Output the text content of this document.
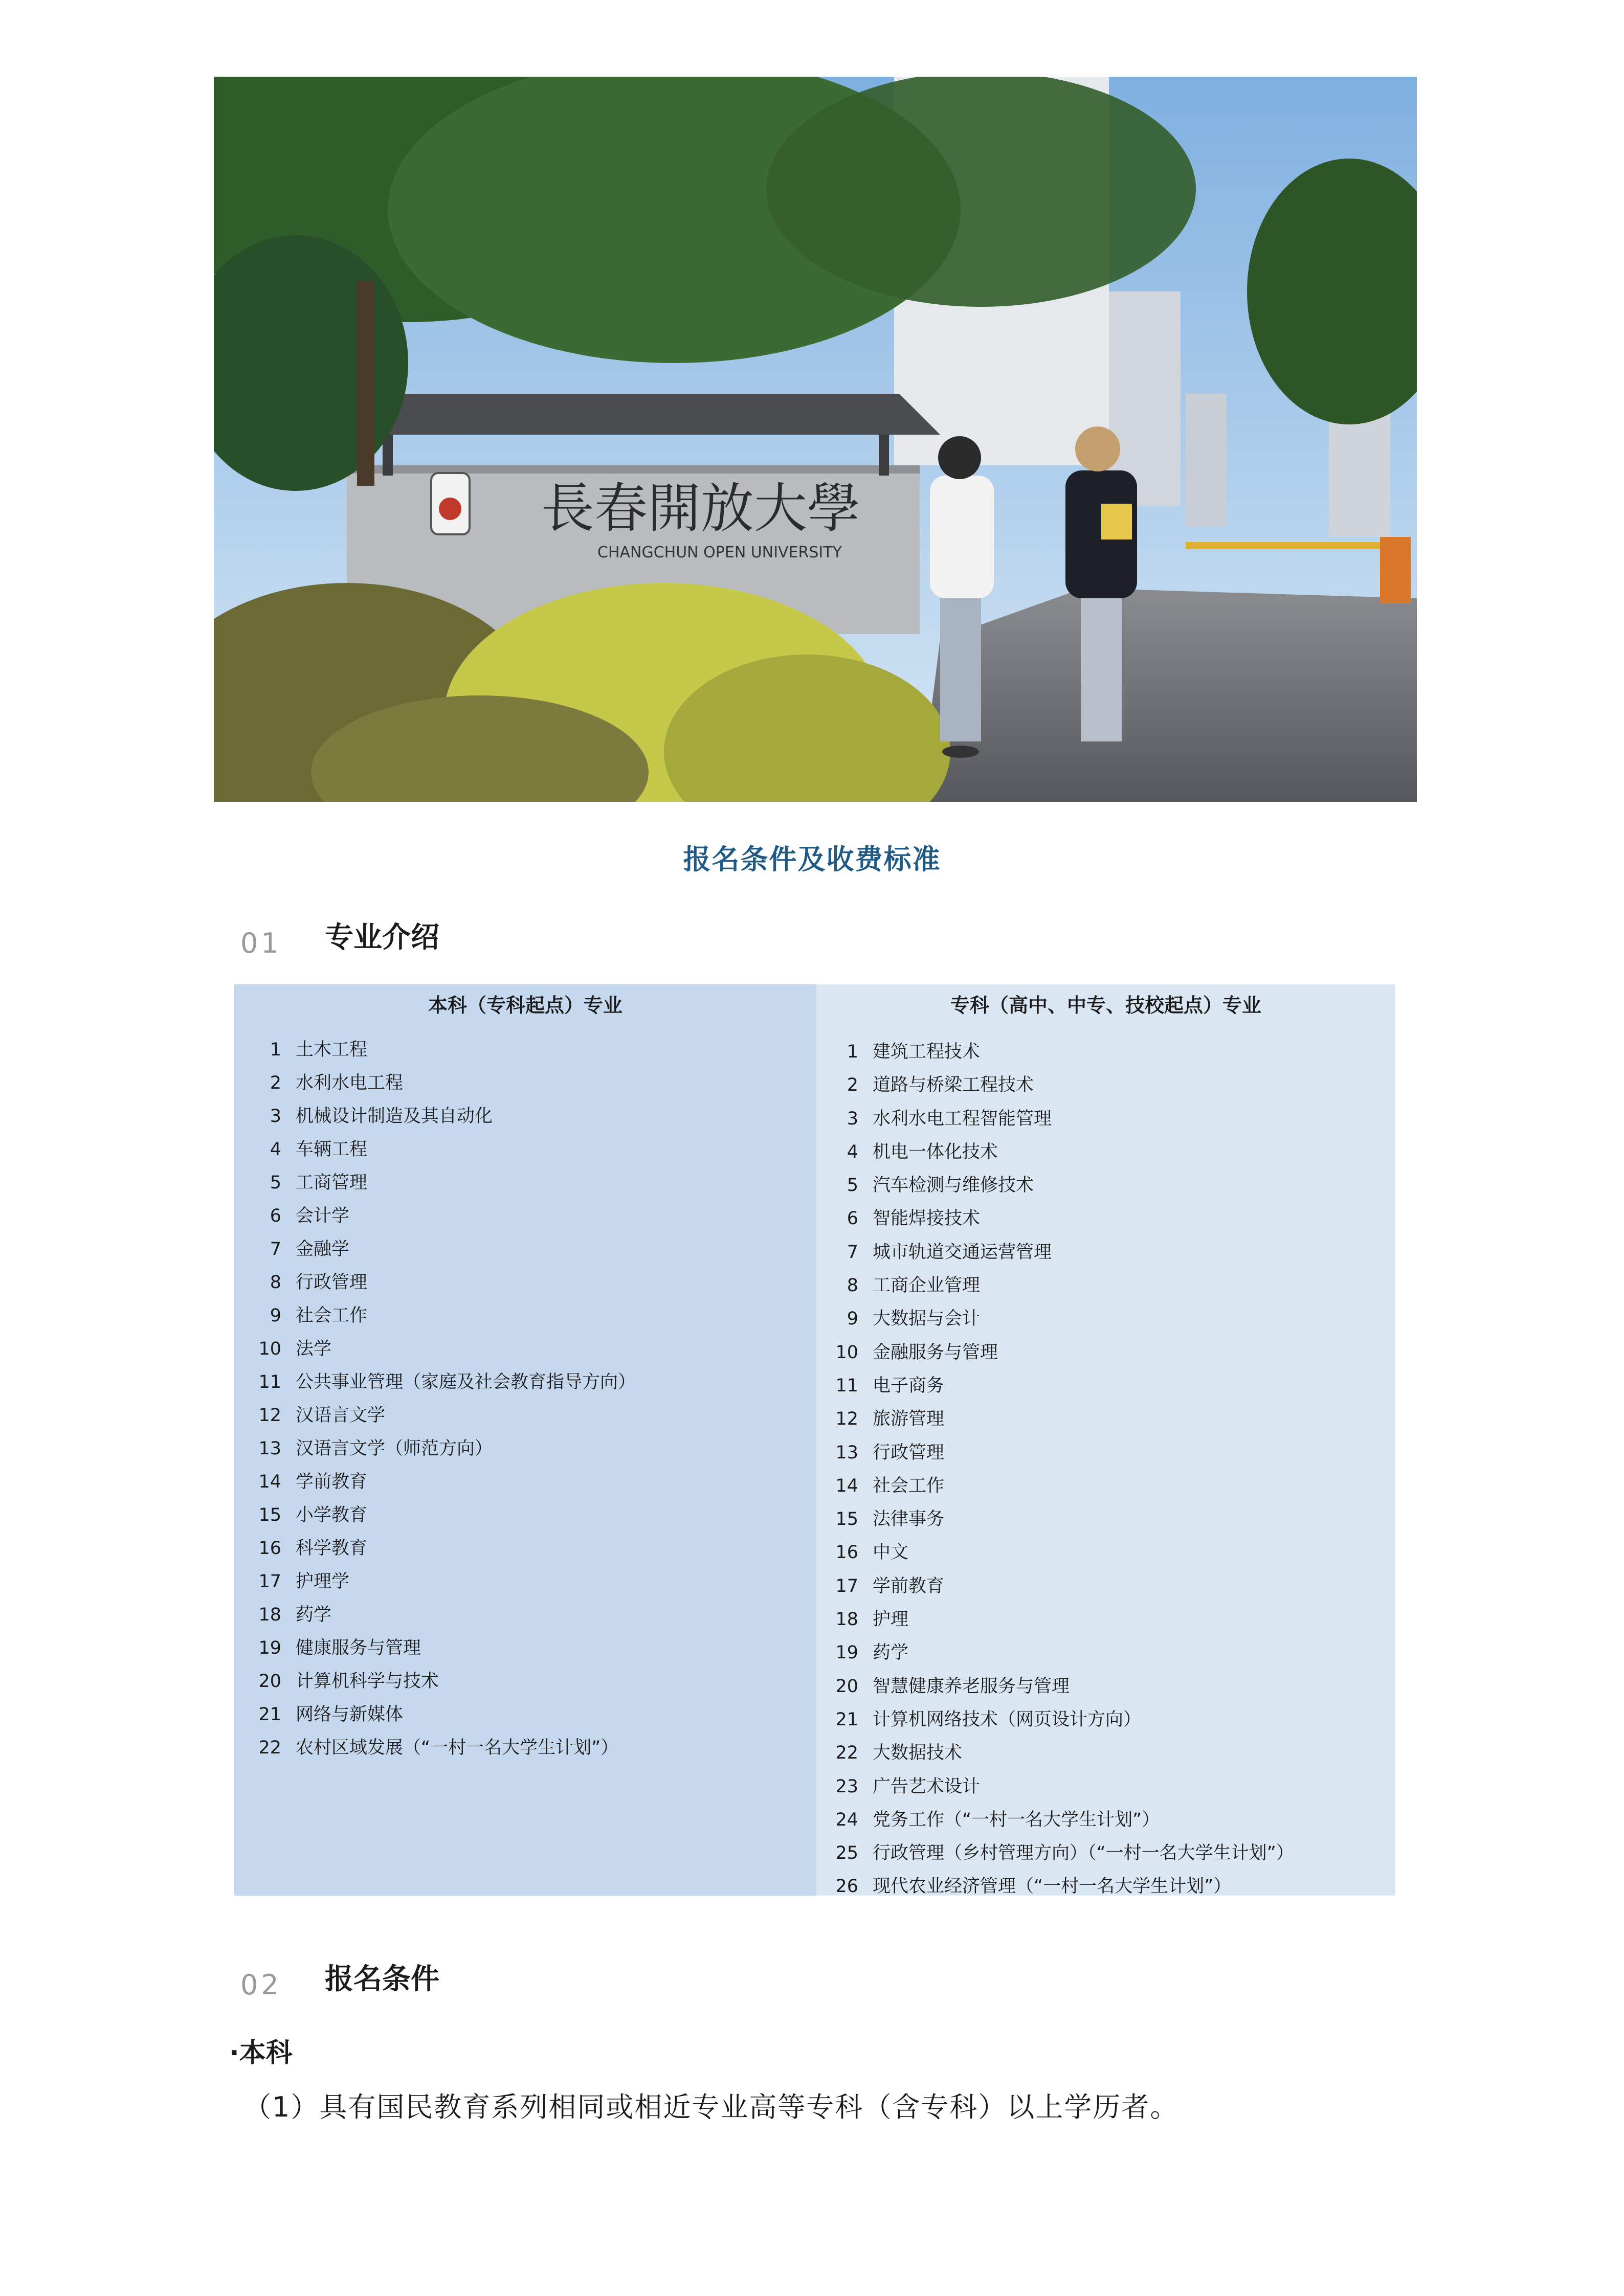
長春開放大學
CHANGCHUN OPEN UNIVERSITY
报名条件及收费标准
01 专业介绍
本科（专科起点）专业
1 土木工程
2 水利水电工程
3 机械设计制造及其自动化
4 车辆工程
5 工商管理
6 会计学
7 金融学
8 行政管理
9 社会工作
10 法学
11 公共事业管理（家庭及社会教育指导方向）
12 汉语言文学
13 汉语言文学（师范方向）
14 学前教育
15 小学教育
16 科学教育
17 护理学
18 药学
19 健康服务与管理
20 计算机科学与技术
21 网络与新媒体
22 农村区域发展（“一村一名大学生计划”）
专科（高中、中专、技校起点）专业
1 建筑工程技术
2 道路与桥梁工程技术
3 水利水电工程智能管理
4 机电一体化技术
5 汽车检测与维修技术
6 智能焊接技术
7 城市轨道交通运营管理
8 工商企业管理
9 大数据与会计
10 金融服务与管理
11 电子商务
12 旅游管理
13 行政管理
14 社会工作
15 法律事务
16 中文
17 学前教育
18 护理
19 药学
20 智慧健康养老服务与管理
21 计算机网络技术（网页设计方向）
22 大数据技术
23 广告艺术设计
24 党务工作（“一村一名大学生计划”）
25 行政管理（乡村管理方向）（“一村一名大学生计划”）
26 现代农业经济管理（“一村一名大学生计划”）
02 报名条件
·本科
（1）具有国民教育系列相同或相近专业高等专科（含专科）以上学历者。
